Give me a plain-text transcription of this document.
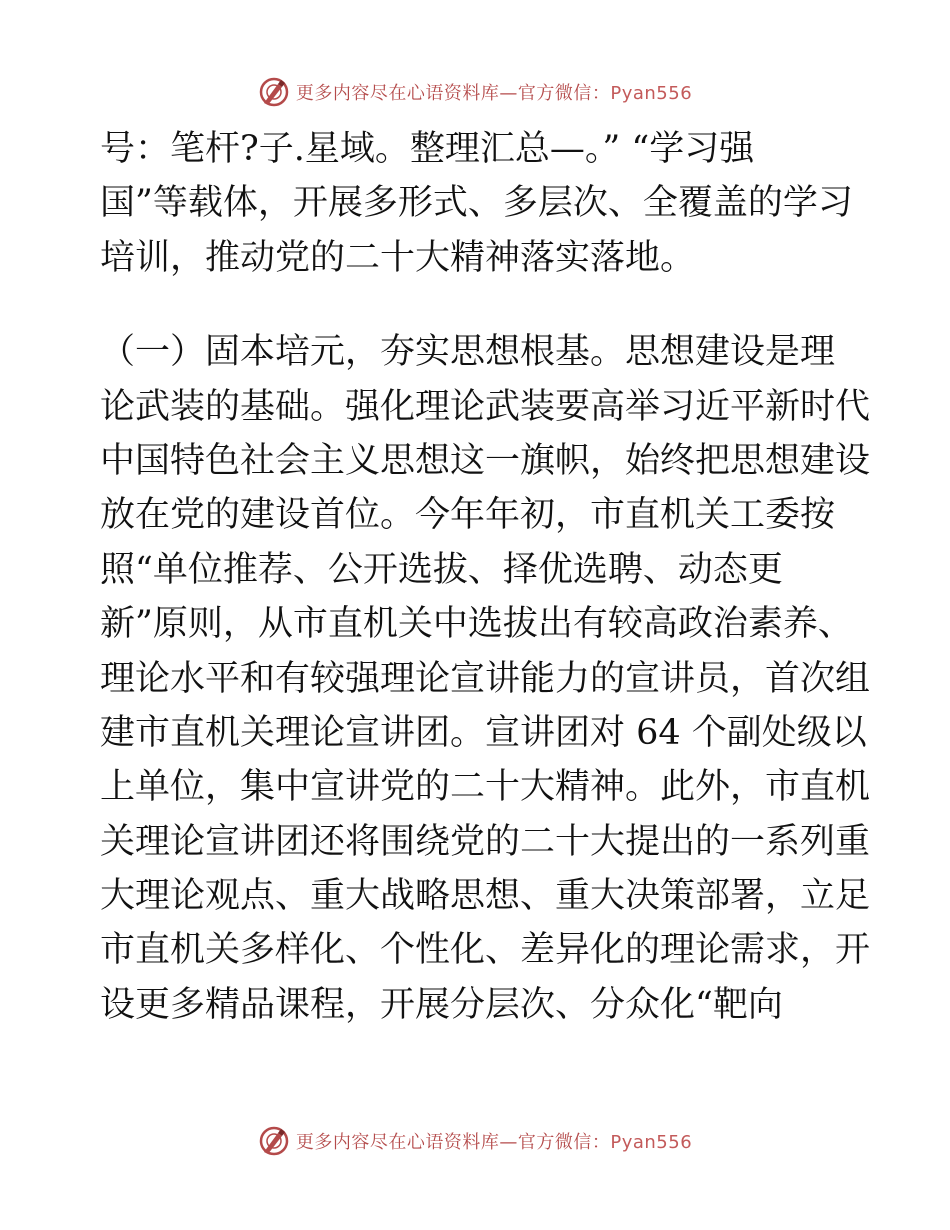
更多内容尽在心语资料库—官方微信：Pyan556
号：笔杆?子.星域。整理汇总—。” “学习强
国”等载体，开展多形式、多层次、全覆盖的学习
培训，推动党的二十大精神落实落地。
（一）固本培元，夯实思想根基。思想建设是理
论武装的基础。强化理论武装要高举习近平新时代
中国特色社会主义思想这一旗帜，始终把思想建设
放在党的建设首位。今年年初，市直机关工委按
照“单位推荐、公开选拔、择优选聘、动态更
新”原则，从市直机关中选拔出有较高政治素养、
理论水平和有较强理论宣讲能力的宣讲员，首次组
建市直机关理论宣讲团。宣讲团对 64 个副处级以
上单位，集中宣讲党的二十大精神。此外，市直机
关理论宣讲团还将围绕党的二十大提出的一系列重
大理论观点、重大战略思想、重大决策部署，立足
市直机关多样化、个性化、差异化的理论需求，开
设更多精品课程，开展分层次、分众化“靶向
更多内容尽在心语资料库—官方微信：Pyan556
